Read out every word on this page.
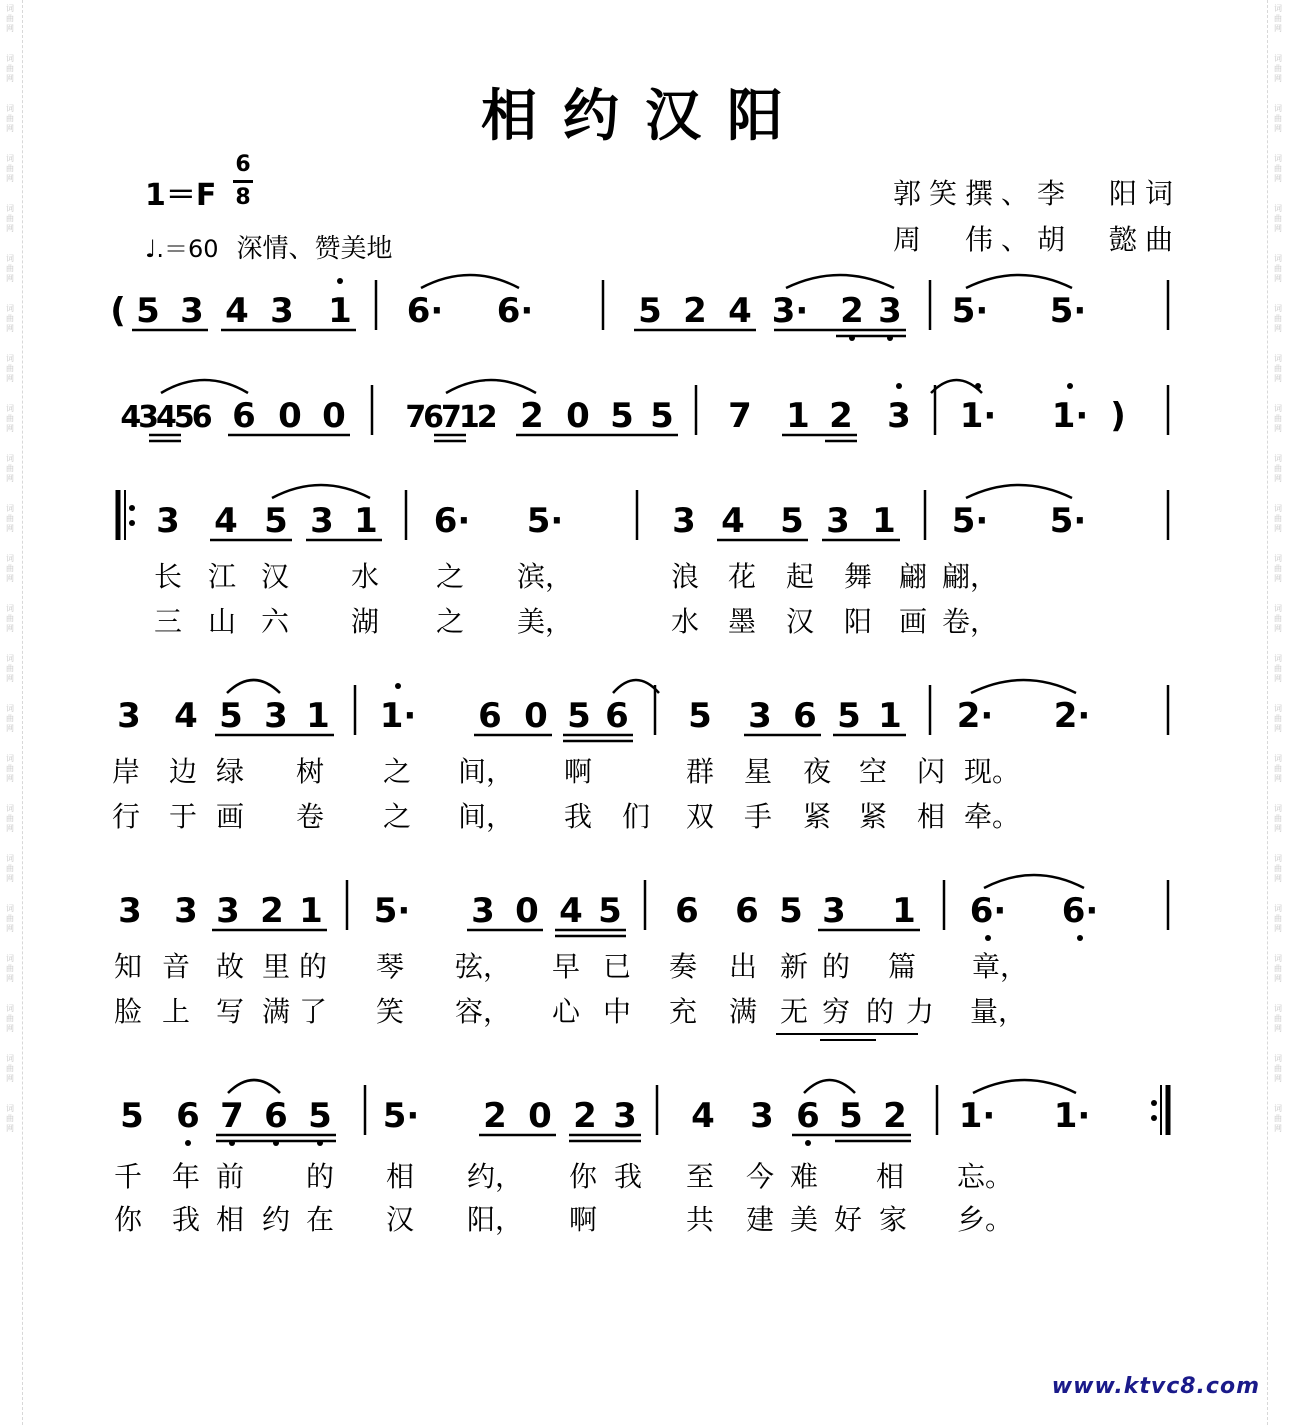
词
曲
网

词
曲
网

词
曲
网

词
曲
网

词
曲
网

词
曲
网

词
曲
网

词
曲
网

词
曲
网

词
曲
网

词
曲
网

词
曲
网

词
曲
网

词
曲
网

词
曲
网

词
曲
网

词
曲
网

词
曲
网

词
曲
网

词
曲
网

词
曲
网

词
曲
网

词
曲
网

词
曲
网

词
曲
网

词
曲
网

词
曲
网

词
曲
网

词
曲
网

词
曲
网

词
曲
网

词
曲
网

词
曲
网

词
曲
网

词
曲
网

词
曲
网

词
曲
网

词
曲
网

词
曲
网

词
曲
网

词
曲
网

词
曲
网

词
曲
网

词
曲
网

词
曲
网

词
曲
网

相约汉阳
1＝F
6
8
♩.＝60 深情、赞美地
郭笑撰、李　阳词
周　伟、胡　懿曲
( 5 3 4 3 1 6· 6·	5 2 4 3· 2 3 5· 5·
43456 6 0 0 76712 2 0 5 5 7 1 2 3 1· 1· )
3 4 5 3 1 6· 5·	3 4 5 3 1 5· 5·
长 江 汉 水 之 滨，	浪 花 起 舞 翩 翩，
三 山 六 湖 之 美，	水 墨 汉 阳 画 卷，
3 4 5 3 1 1· 6 0 5 6 5 3 6 5 1 2· 2·
岸 边 绿 树 之 间， 啊	群 星 夜 空 闪 现。
行 于 画 卷 之 间， 我 们 双 手 紧 紧 相 牵。
3 3 3 2 1 5· 3 0 4 5 6 6 5 3 1 6· 6·
知 音 故 里 的 琴 弦， 早 已 奏 出 新 的 篇 章，
脸 上 写 满 了 笑 容， 心 中 充 满 无 穷 的 力 量，
5 6 7 6 5 5· 2 0 2 3 4 3 6 5 2 1· 1·
千 年 前 的 相 约， 你 我 至 今 难 相 忘。
你 我 相 约 在 汉 阳， 啊	共 建 美 好 家 乡。
www.ktvc8.com
